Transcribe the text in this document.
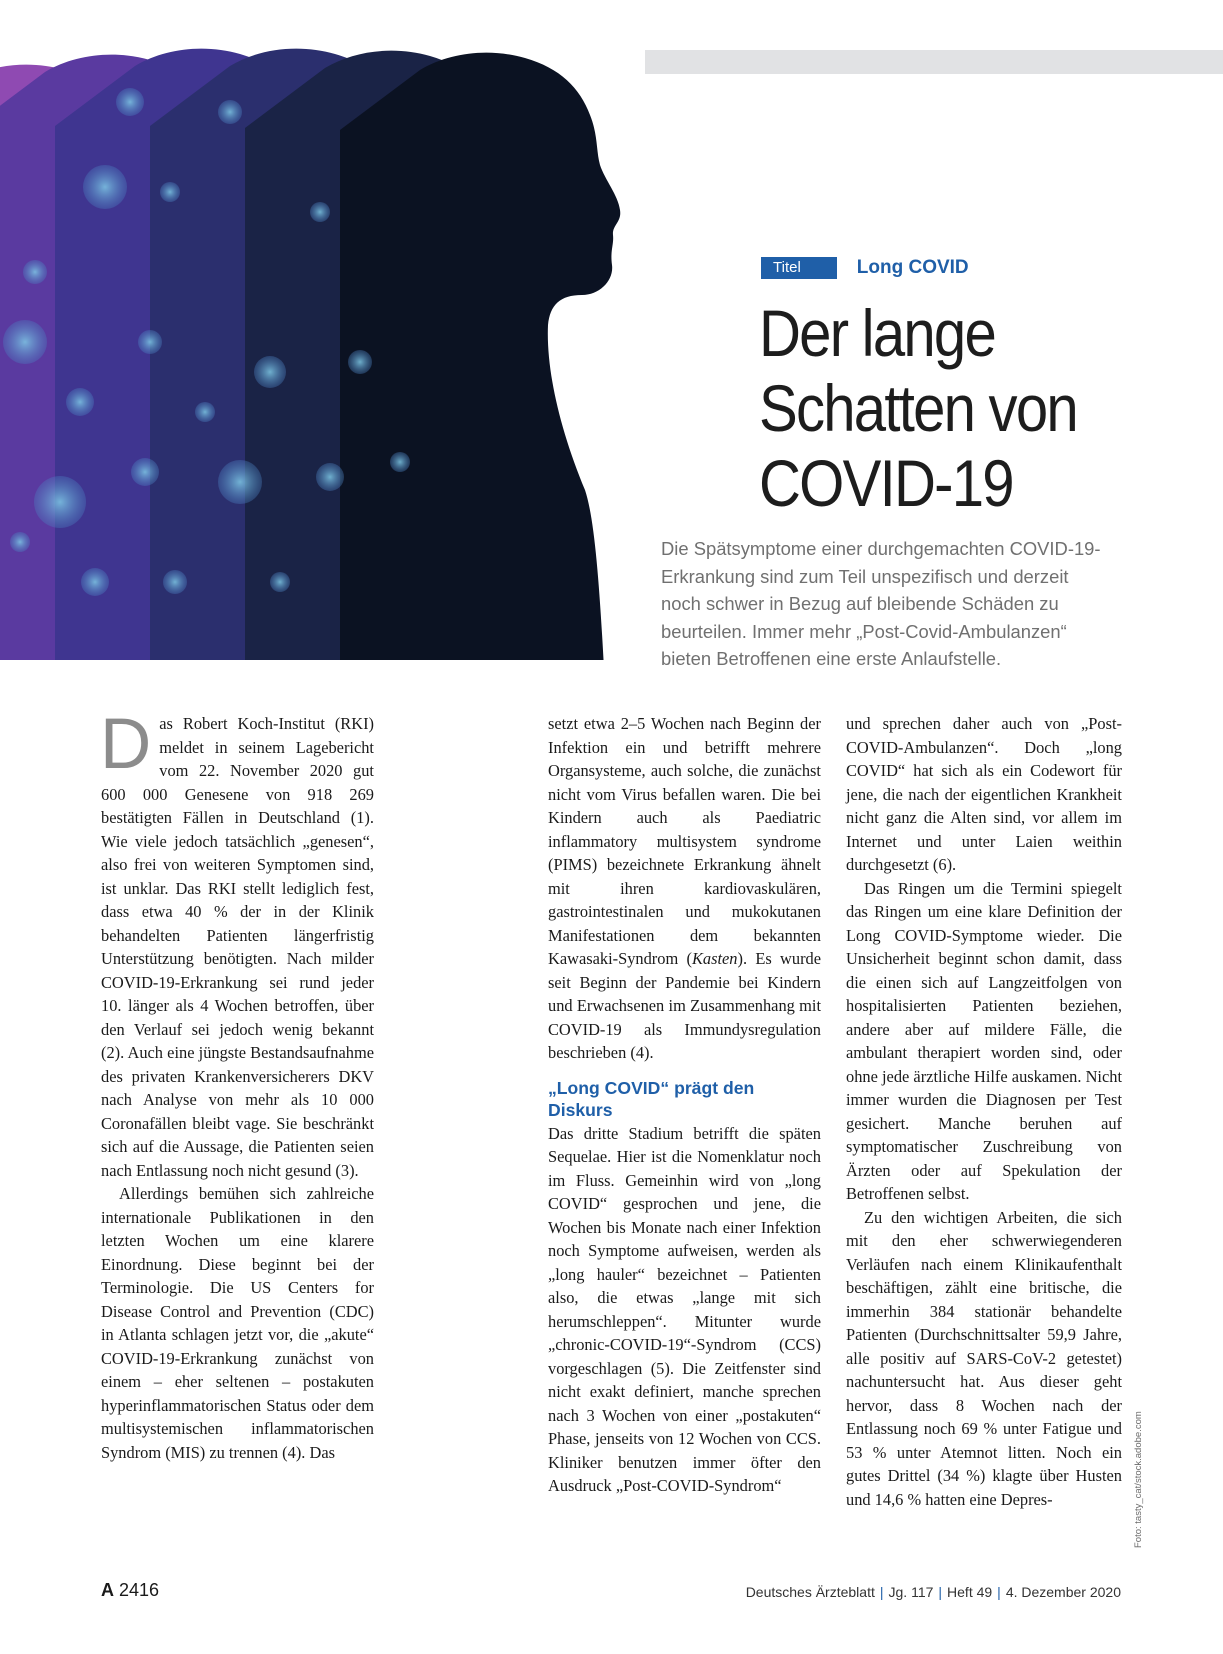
Titel	Long COVID
Der lange
Schatten von
COVID-19
Die Spätsymptome einer durchgemachten COVID-19-
Erkrankung sind zum Teil unspezifisch und derzeit
noch schwer in Bezug auf bleibende Schäden zu
beurteilen. Immer mehr „Post-Covid-Ambulanzen“
bieten Betroffenen eine erste Anlaufstelle.

Das Robert Koch-Institut (RKI) meldet in seinem Lagebericht vom 22. November 2020 gut 600 000 Genesene von 918 269 bestätigten Fällen in Deutschland (1). Wie viele jedoch tatsächlich „genesen“, also frei von weiteren Symptomen sind, ist unklar. Das RKI stellt lediglich fest, dass etwa 40 % der in der Klinik behandelten Patienten längerfristig Unterstützung benötigten. Nach milder COVID-19-Erkrankung sei rund jeder 10. länger als 4 Wochen betroffen, über den Verlauf sei jedoch wenig bekannt (2). Auch eine jüngste Bestandsaufnahme des privaten Krankenversicherers DKV nach Analyse von mehr als 10 000 Coronafällen bleibt vage. Sie beschränkt sich auf die Aussage, die Patienten seien nach Entlassung noch nicht gesund (3).

Allerdings bemühen sich zahlreiche internationale Publikationen in den letzten Wochen um eine klarere Einordnung. Diese beginnt bei der Terminologie. Die US Centers for Disease Control and Prevention (CDC) in Atlanta schlagen jetzt vor, die „akute“ COVID-19-Erkrankung zunächst von einem – eher seltenen – postakuten hyperinflammatorischen Status oder dem multisystemischen inflammatorischen Syndrom (MIS) zu trennen (4). Das

setzt etwa 2–5 Wochen nach Beginn der Infektion ein und betrifft mehrere Organsysteme, auch solche, die zunächst nicht vom Virus befallen waren. Die bei Kindern auch als Paediatric inflammatory multisystem syndrome (PIMS) bezeichnete Erkrankung ähnelt mit ihren kardiovaskulären, gastrointestinalen und mukokutanen Manifestationen dem bekannten Kawasaki-Syndrom (Kasten). Es wurde seit Beginn der Pandemie bei Kindern und Erwachsenen im Zusammenhang mit COVID-19 als Immundysregulation beschrieben (4).

„Long COVID“ prägt den Diskurs

Das dritte Stadium betrifft die späten Sequelae. Hier ist die Nomenklatur noch im Fluss. Gemeinhin wird von „long COVID“ gesprochen und jene, die Wochen bis Monate nach einer Infektion noch Symptome aufweisen, werden als „long hauler“ bezeichnet – Patienten also, die etwas „lange mit sich herumschleppen“. Mitunter wurde „chronic-COVID-19“-Syndrom (CCS) vorgeschlagen (5). Die Zeitfenster sind nicht exakt definiert, manche sprechen nach 3 Wochen von einer „postakuten“ Phase, jenseits von 12 Wochen von CCS. Kliniker benutzen immer öfter den Ausdruck „Post-COVID-Syndrom“

und sprechen daher auch von „Post-COVID-Ambulanzen“. Doch „long COVID“ hat sich als ein Codewort für jene, die nach der eigentlichen Krankheit nicht ganz die Alten sind, vor allem im Internet und unter Laien weithin durchgesetzt (6).

Das Ringen um die Termini spiegelt das Ringen um eine klare Definition der Long COVID-Symptome wieder. Die Unsicherheit beginnt schon damit, dass die einen sich auf Langzeitfolgen von hospitalisierten Patienten beziehen, andere aber auf mildere Fälle, die ambulant therapiert worden sind, oder ohne jede ärztliche Hilfe auskamen. Nicht immer wurden die Diagnosen per Test gesichert. Manche beruhen auf symptomatischer Zuschreibung von Ärzten oder auf Spekulation der Betroffenen selbst.

Zu den wichtigen Arbeiten, die sich mit den eher schwerwiegenderen Verläufen nach einem Klinikaufenthalt beschäftigen, zählt eine britische, die immerhin 384 stationär behandelte Patienten (Durchschnittsalter 59,9 Jahre, alle positiv auf SARS-CoV-2 getestet) nachuntersucht hat. Aus dieser geht hervor, dass 8 Wochen nach der Entlassung noch 69 % unter Fatigue und 53 % unter Atemnot litten. Noch ein gutes Drittel (34 %) klagte über Husten und 14,6 % hatten eine Depres-	Foto: tasty_cat/stock.adobe.com
A 2416	Deutsches Ärzteblatt | Jg. 117 | Heft 49 | 4. Dezember 2020
